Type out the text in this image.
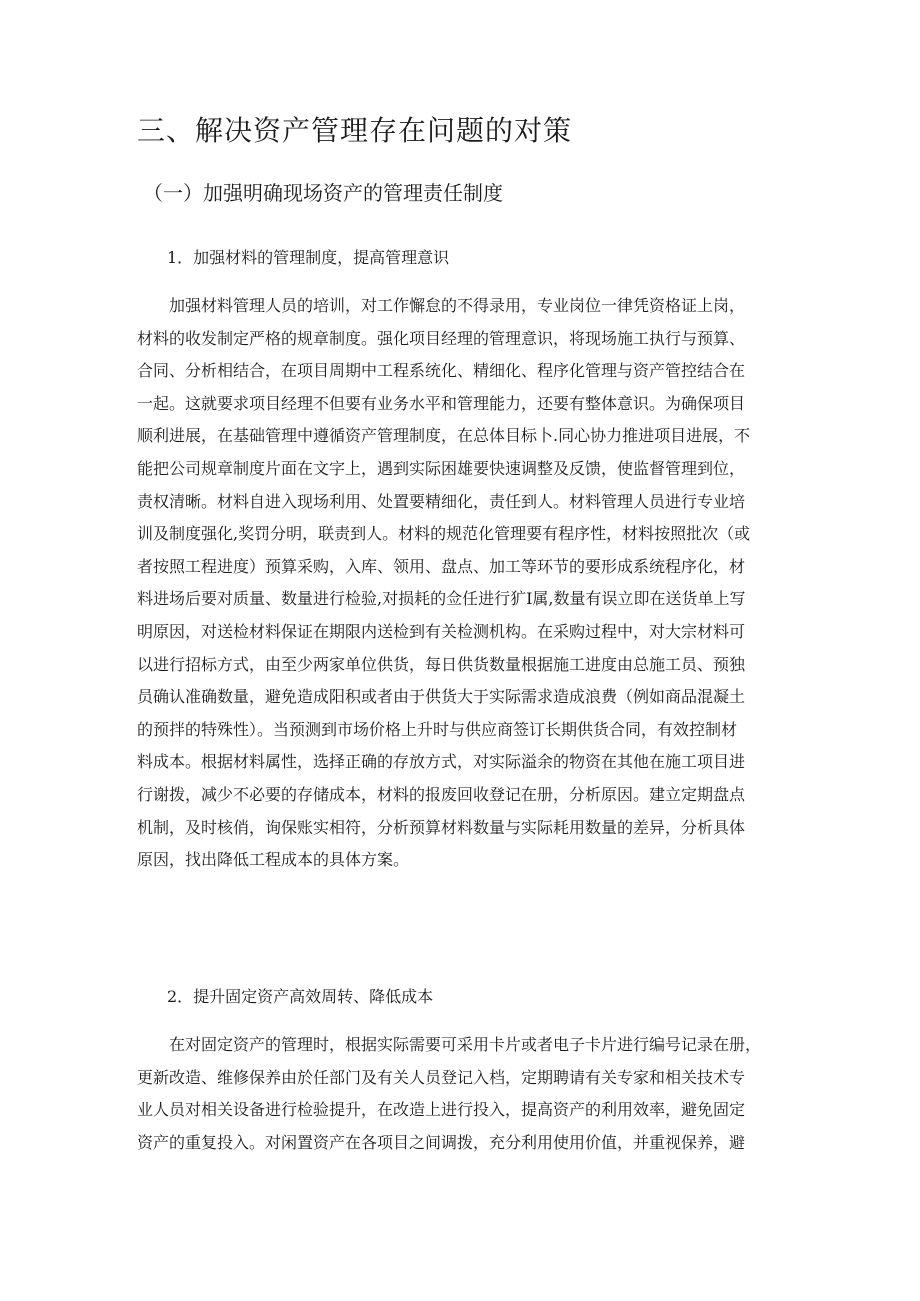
三、解决资产管理存在问题的对策
（一）加强明确现场资产的管理责任制度
1．加强材料的管理制度，提高管理意识
加强材料管理人员的培训，对工作懈怠的不得录用，专业岗位一律凭资格证上岗，
材料的收发制定严格的规章制度。强化项目经理的管理意识，将现场施工执行与预算、
合同、分析相结合，在项目周期中工程系统化、精细化、程序化管理与资产管控结合在
一起。这就要求项目经理不但要有业务水平和管理能力，还要有整体意识。为确保项目
顺利进展，在基础管理中遵循资产管理制度，在总体目标卜.同心协力推进项目进展，不
能把公司规章制度片面在文字上，遇到实际困雄要快速调整及反馈，使监督管理到位，
责权清晰。材料自进入现场利用、处置要精细化，责任到人。材料管理人员进行专业培
训及制度强化,奖罚分明，联责到人。材料的规范化管理要有程序性，材料按照批次（或
者按照工程进度）预算采购，入库、领用、盘点、加工等环节的要形成系统程序化，材
料进场后要对质量、数量进行检验,对损耗的佥任进行犷I属,数量有误立即在送货单上写
明原因，对送检材料保证在期限内送检到有关检测机构。在采购过程中，对大宗材料可
以进行招标方式，由至少两家单位供货，每日供货数量根据施工进度由总施工员、预独
员确认准确数量，避免造成阳积或者由于供货大于实际需求造成浪费（例如商品混凝土
的预拌的特殊性）。当预测到市场价格上升时与供应商签订长期供货合同，有效控制材
料成本。根据材料属性，选择正确的存放方式，对实际溢余的物资在其他在施工项目进
行谢拨，减少不必要的存储成本，材料的报废回收登记在册，分析原因。建立定期盘点
机制，及时核俏，询保账实相符，分析预算材料数量与实际耗用数量的差异，分析具体
原因，找出降低工程成本的具体方案。
2．提升固定资产高效周转、降低成本
在对固定资产的管理时，根据实际需要可采用卡片或者电子卡片进行编号记录在册，
更新改造、维修保养由於任部门及有关人员登记入档，定期聘请有关专家和相关技术专
业人员对相关设备进行检验提升，在改造上进行投入，提高资产的利用效率，避免固定
资产的重复投入。对闲置资产在各项目之间调拨，充分利用使用价值，并重视保养，避
